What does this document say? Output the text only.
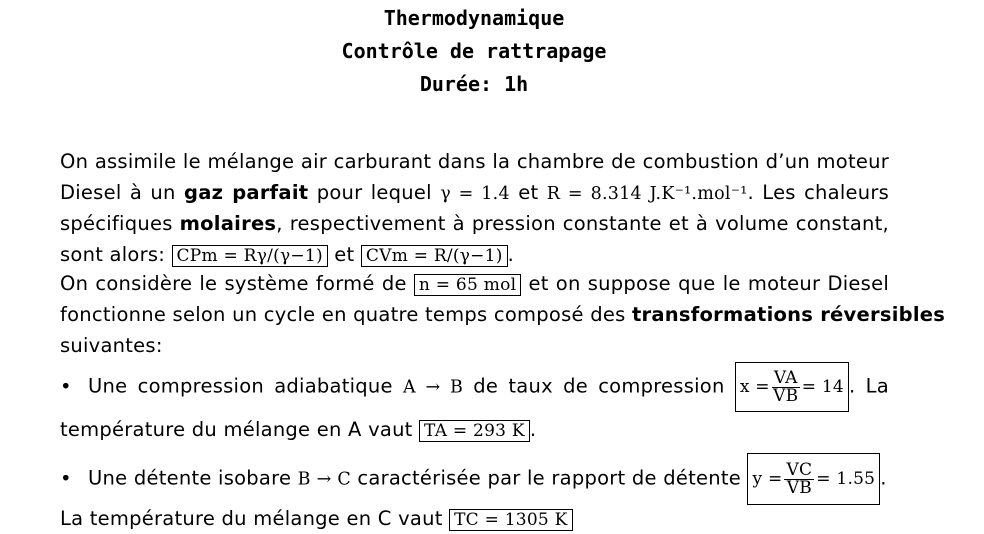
Thermodynamique
Contrôle de rattrapage
Durée: 1h
On assimile le mélange air carburant dans la chambre de combustion d’un moteur
Diesel à un gaz parfait pour lequel γ = 1.4 et R = 8.314 J.K⁻¹.mol⁻¹. Les chaleurs
spécifiques molaires, respectivement à pression constante et à volume constant,
sont alors: CPm = Rγ/(γ−1) et CVm = R/(γ−1) .
On considère le système formé de n = 65 mol et on suppose que le moteur Diesel
fonctionne selon un cycle en quatre temps composé des transformations réversibles
suivantes:
• Une compression adiabatique A → B de taux de compression $x = \frac{VA}{VB} = 14$ . La
température du mélange en A vaut TA = 293 K .
• Une détente isobare B → C caractérisée par le rapport de détente $y = \frac{VC}{VB} = 1.55$ .
La température du mélange en C vaut TC = 1305 K
